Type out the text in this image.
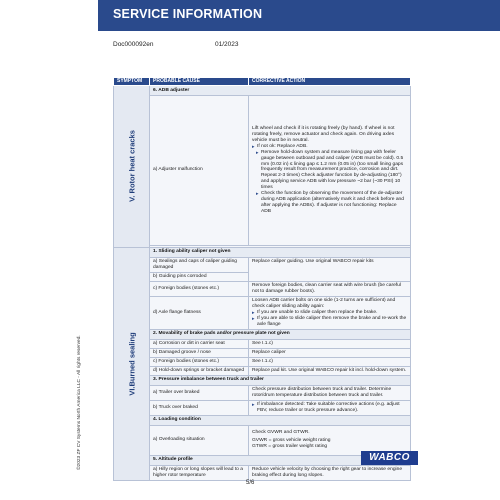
SERVICE INFORMATION
Doc000092en	01/2023
©2023 ZF CV Systems North America LLC - All rights reserved.
SYMPTOM	PROBABLE CAUSE	CORRECTIVE ACTION

V. Rotor heat cracks	6. ADB adjuster	
	a) Adjuster malfunction	Lift wheel and check if it is rotating freely (by hand). If wheel is not rotating freely, remove actuator and check again. On driving axles vehicle must be in neutral.
▸ If not ok: Replace ADB.
▸ Remove hold-down system and measure lining gap with feeler gauge between outboard pad and caliper (ADB must be cold). 0.5 mm (0.02 in) ≤ lining gap ≤ 1.2 mm (0.05 in) (too small lining gaps frequently result from measurement practice, corrosion and dirt. Repeat 2-3 times) Check adjuster function by de-adjusting (180°) and applying service ADB with low pressure ~2 bar (~30 PSI) 10 times
▸ Check the function by observing the movement of the de-adjuster during ADB application (alternatively mark it and check before and after applying the ADBs). If adjuster is not functioning: Replace ADB

VI.Burned sealing	1. Sliding ability caliper not given	
	a) Sealings and caps of caliper guiding damaged	Replace caliper guiding. Use original WABCO repair kits
	b) Guiding pins corroded	
	c) Foreign bodies (stones etc.)	Remove foreign bodies, clean carrier seat with wire brush (be careful not to damage rubber boots).
	d) Axle flange flatness	Loosen ADB carrier bolts on one side (1-2 turns are sufficient) and check caliper sliding ability again:
▸ If you are unable to slide caliper then replace the brake.
▸ If you are able to slide caliper then remove the brake and re-work the axle flange

	2. Movability of brake pads and/or pressure plate not given	
	a) Corrosion or dirt in carrier seat	See I.1.c)
	b) Damaged groove / nose	Replace caliper
	c) Foreign bodies (stones etc.)	See I.1.c)
	d) Hold-down springs or bracket damaged	Replace pad kit. Use original WABCO repair kit incl. hold-down system.
	3. Pressure imbalance between truck and trailer	
	a) Trailer over braked	Check pressure distribution between truck and trailer. Determine rotor/drum temperature distribution between truck and trailer.
	b) Truck over braked	▸ If imbalance detected: Take suitable corrective actions (e.g. adjust FBV, reduce trailer or truck pressure advance).

	4. Loading condition	
	a) Overloading situation	Check GVWR and GTWR.
GVWR = gross vehicle weight rating
GTWR = gross trailer weight rating

	5. Altitude profile	
	a) Hilly region or long slopes will lead to a higher rotor temperature	Reduce vehicle velocity by choosing the right gear to increase engine braking effect during long slopes.
WABCO
5/6
